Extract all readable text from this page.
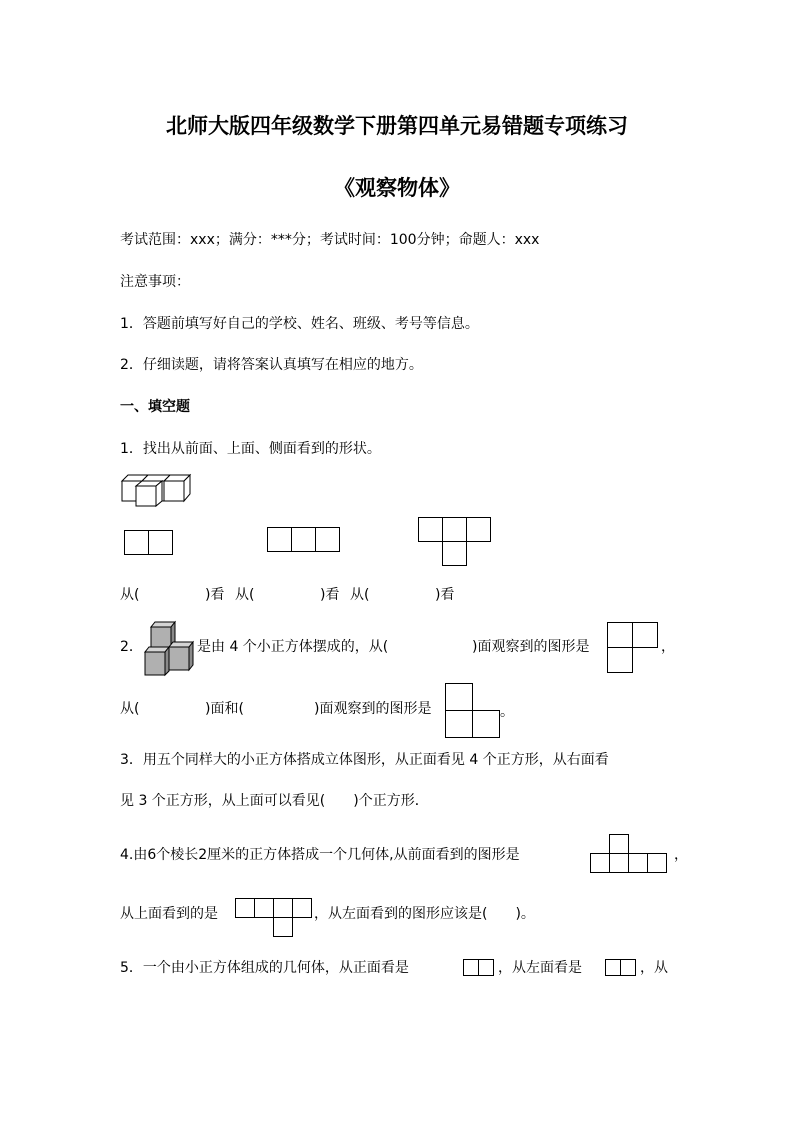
北师大版四年级数学下册第四单元易错题专项练习
《观察物体》
考试范围：xxx；满分：***分；考试时间：100分钟；命题人：xxx
注意事项：
1．答题前填写好自己的学校、姓名、班级、考号等信息。
2．仔细读题，请将答案认真填写在相应的地方。
一、填空题
1．找出从前面、上面、侧面看到的形状。
从(	)看 从(	)看 从(	)看
2．	是由 4 个小正方体摆成的，从(	)面观察到的图形是	，
从(	)面和(	)面观察到的图形是	。
3．用五个同样大的小正方体搭成立体图形，从正面看见 4 个正方形，从右面看
见 3 个正方形，从上面可以看见(　　)个正方形．
4.由6个棱长2厘米的正方体搭成一个几何体,从前面看到的图形是	，
从上面看到的是	，从左面看到的图形应该是(　　)。
5．一个由小正方体组成的几何体，从正面看是	，从左面看是	，从
